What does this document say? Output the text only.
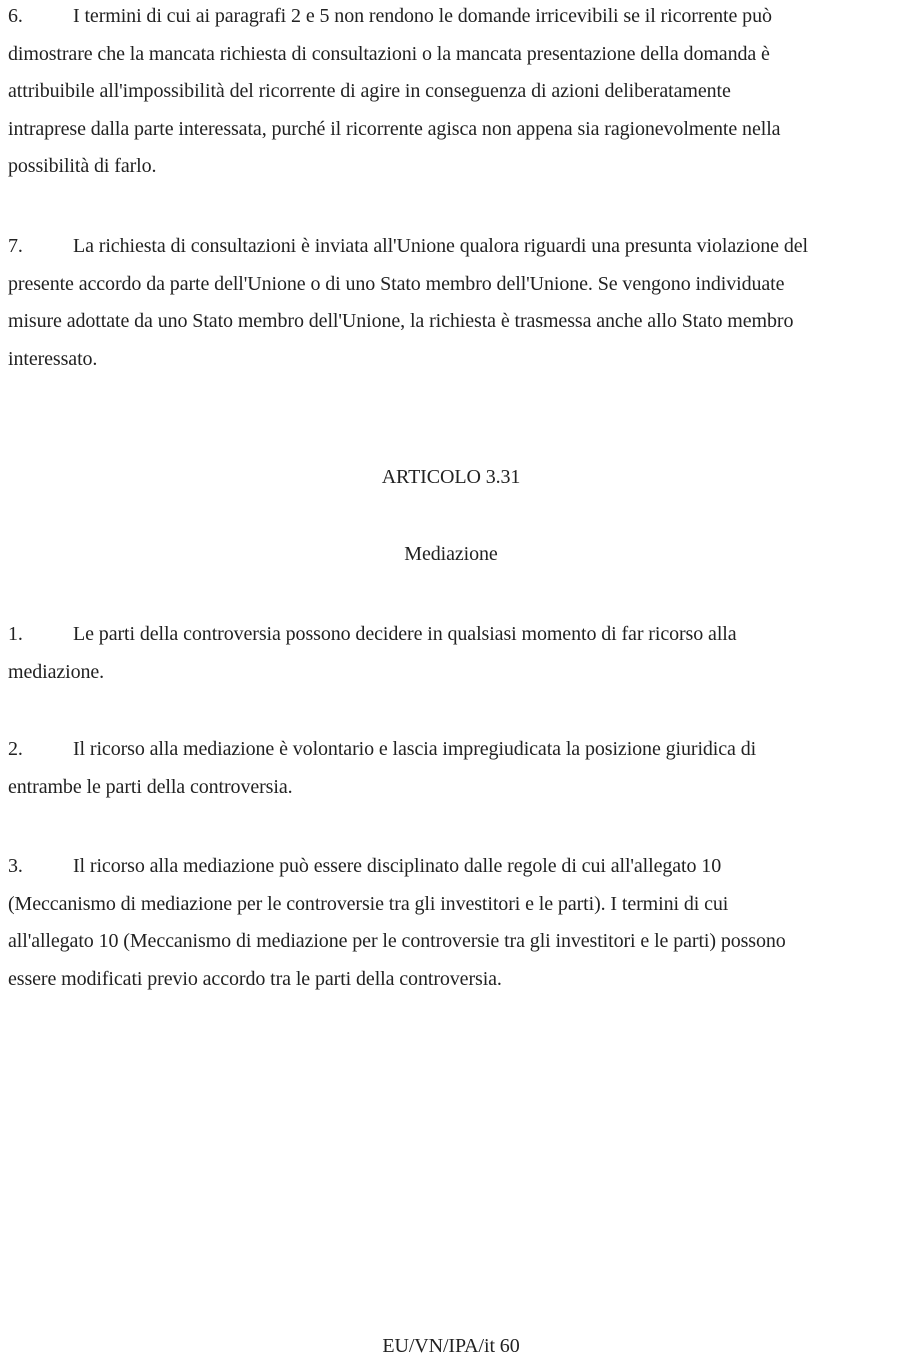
6.	I termini di cui ai paragrafi 2 e 5 non rendono le domande irricevibili se il ricorrente può
dimostrare che la mancata richiesta di consultazioni o la mancata presentazione della domanda è
attribuibile all'impossibilità del ricorrente di agire in conseguenza di azioni deliberatamente
intraprese dalla parte interessata, purché il ricorrente agisca non appena sia ragionevolmente nella
possibilità di farlo.
7.	La richiesta di consultazioni è inviata all'Unione qualora riguardi una presunta violazione del
presente accordo da parte dell'Unione o di uno Stato membro dell'Unione. Se vengono individuate
misure adottate da uno Stato membro dell'Unione, la richiesta è trasmessa anche allo Stato membro
interessato.
ARTICOLO 3.31
Mediazione
1.	Le parti della controversia possono decidere in qualsiasi momento di far ricorso alla
mediazione.
2.	Il ricorso alla mediazione è volontario e lascia impregiudicata la posizione giuridica di
entrambe le parti della controversia.
3.	Il ricorso alla mediazione può essere disciplinato dalle regole di cui all'allegato 10
(Meccanismo di mediazione per le controversie tra gli investitori e le parti). I termini di cui
all'allegato 10 (Meccanismo di mediazione per le controversie tra gli investitori e le parti) possono
essere modificati previo accordo tra le parti della controversia.
EU/VN/IPA/it 60
